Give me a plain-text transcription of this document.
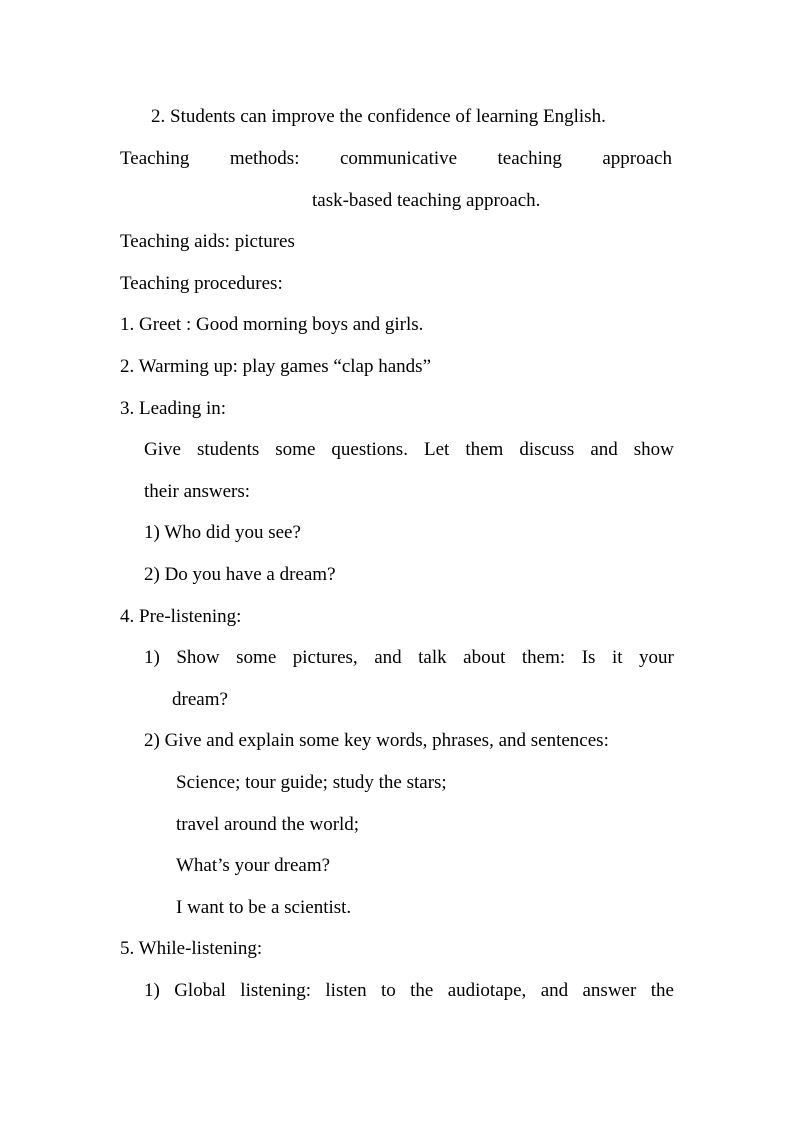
2. Students can improve the confidence of learning English.
Teaching methods: communicative teaching approach
task-based teaching approach.
Teaching aids: pictures
Teaching procedures:
1. Greet : Good morning boys and girls.
2. Warming up: play games “clap hands”
3. Leading in:
Give students some questions. Let them discuss and show
their answers:
1) Who did you see?
2) Do you have a dream?
4. Pre-listening:
1) Show some pictures, and talk about them: Is it your
dream?
2) Give and explain some key words, phrases, and sentences:
Science; tour guide; study the stars;
travel around the world;
What’s your dream?
I want to be a scientist.
5. While-listening:
1) Global listening: listen to the audiotape, and answer the
